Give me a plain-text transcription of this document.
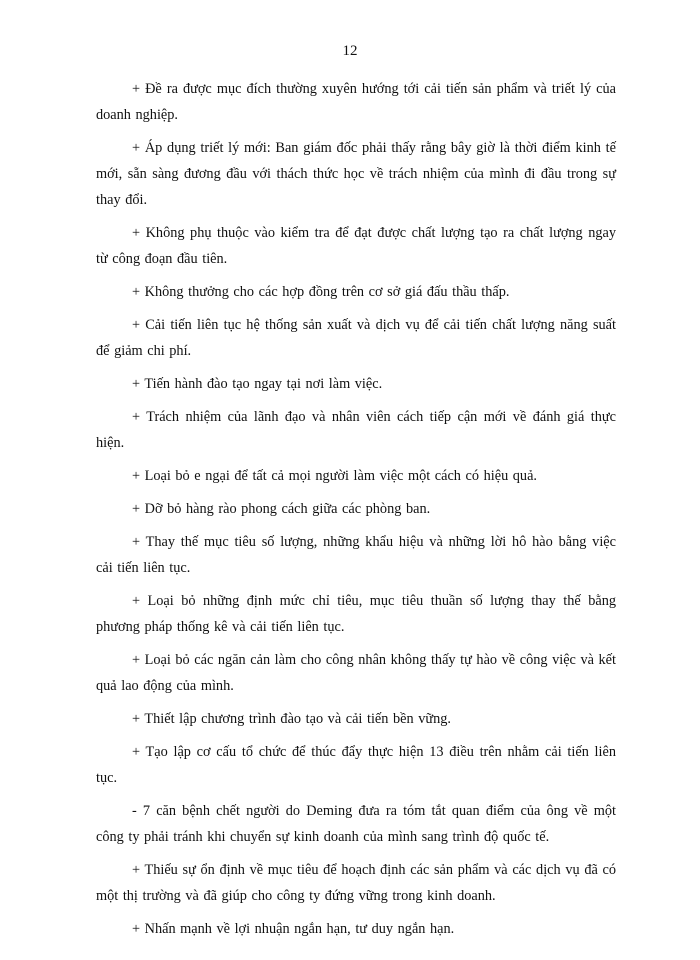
12

+ Đề ra được mục đích thường xuyên hướng tới cải tiến sản phẩm và triết lý của doanh nghiệp.

+ Áp dụng triết lý mới: Ban giám đốc phải thấy rằng bây giờ là thời điểm kinh tế mới, sẵn sàng đương đầu với thách thức học về trách nhiệm của mình đi đầu trong sự thay đổi.

+ Không phụ thuộc vào kiểm tra để đạt được chất lượng tạo ra chất lượng ngay từ công đoạn đầu tiên.

+ Không thưởng cho các hợp đồng trên cơ sở giá đấu thầu thấp.

+ Cải tiến liên tục hệ thống sản xuất và dịch vụ để cải tiến chất lượng năng suất để giảm chi phí.

+ Tiến hành đào tạo ngay tại nơi làm việc.

+ Trách nhiệm của lãnh đạo và nhân viên cách tiếp cận mới về đánh giá thực hiện.

+ Loại bỏ e ngại để tất cả mọi người làm việc một cách có hiệu quả.

+ Dỡ bỏ hàng rào phong cách giữa các phòng ban.

+ Thay thế mục tiêu số lượng, những khẩu hiệu và những lời hô hào bằng việc cải tiến liên tục.

+ Loại bỏ những định mức chỉ tiêu, mục tiêu thuần số lượng thay thế bằng phương pháp thống kê và cải tiến liên tục.

+ Loại bỏ các ngăn cản làm cho công nhân không thấy tự hào về công việc và kết quả lao động của mình.

+ Thiết lập chương trình đào tạo và cải tiến bền vững.

+ Tạo lập cơ cấu tổ chức để thúc đẩy thực hiện 13 điều trên nhằm cải tiến liên tục.

- 7 căn bệnh chết người do Deming đưa ra tóm tắt quan điểm của ông về một công ty phải tránh khi chuyển sự kinh doanh của mình sang trình độ quốc tế.

+ Thiếu sự ổn định về mục tiêu để hoạch định các sản phẩm và các dịch vụ đã có một thị trường và đã giúp cho công ty đứng vững trong kinh doanh.

+ Nhấn mạnh về lợi nhuận ngắn hạn, tư duy ngắn hạn.
